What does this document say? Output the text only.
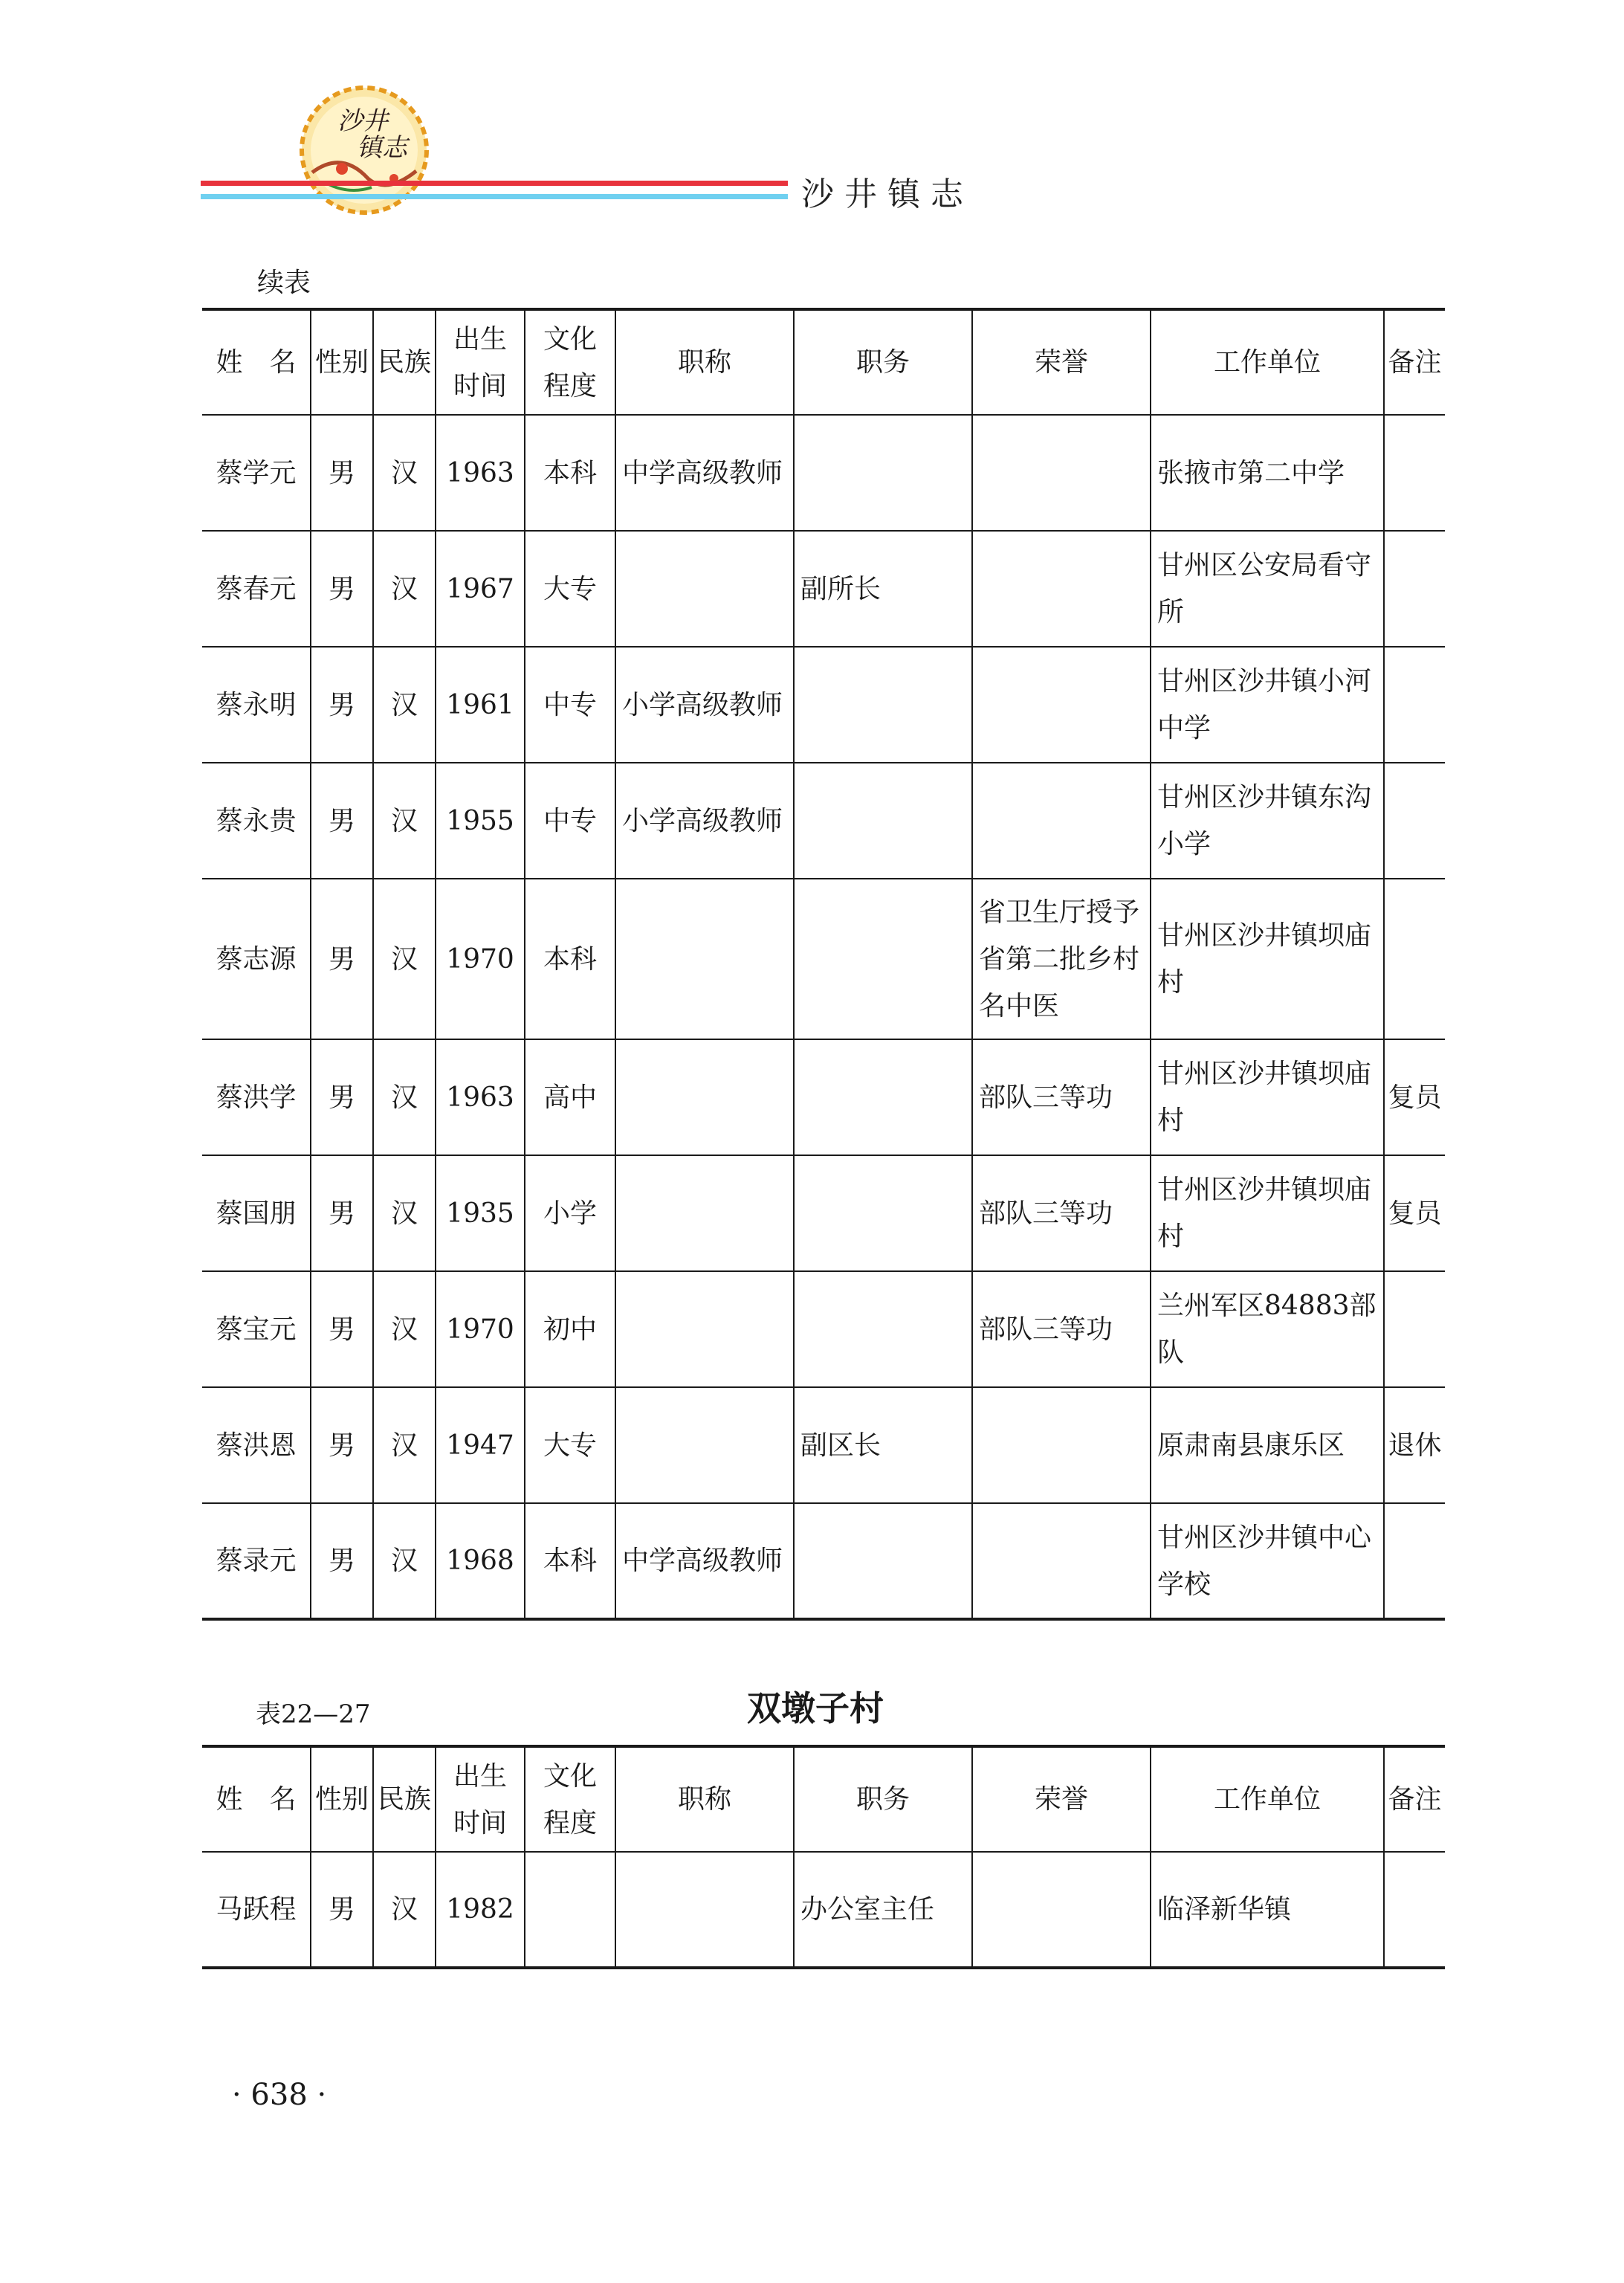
沙井
镇志
沙井镇志
续表
姓　名	性别	民族	出生时间	文化程度	职称	职务	荣誉	工作单位	备注
蔡学元	男	汉	1963	本科	中学高级教师			张掖市第二中学	
蔡春元	男	汉	1967	大专		副所长		甘州区公安局看守所	
蔡永明	男	汉	1961	中专	小学高级教师			甘州区沙井镇小河中学	
蔡永贵	男	汉	1955	中专	小学高级教师			甘州区沙井镇东沟小学	
蔡志源	男	汉	1970	本科			省卫生厅授予省第二批乡村名中医	甘州区沙井镇坝庙村	
蔡洪学	男	汉	1963	高中			部队三等功	甘州区沙井镇坝庙村	复员
蔡国朋	男	汉	1935	小学			部队三等功	甘州区沙井镇坝庙村	复员
蔡宝元	男	汉	1970	初中			部队三等功	兰州军区84883部队	
蔡洪恩	男	汉	1947	大专		副区长		原肃南县康乐区	退休
蔡录元	男	汉	1968	本科	中学高级教师			甘州区沙井镇中心学校	
表22—27	双墩子村
姓　名	性别	民族	出生时间	文化程度	职称	职务	荣誉	工作单位	备注
马跃程	男	汉	1982			办公室主任		临泽新华镇	
· 638 ·
